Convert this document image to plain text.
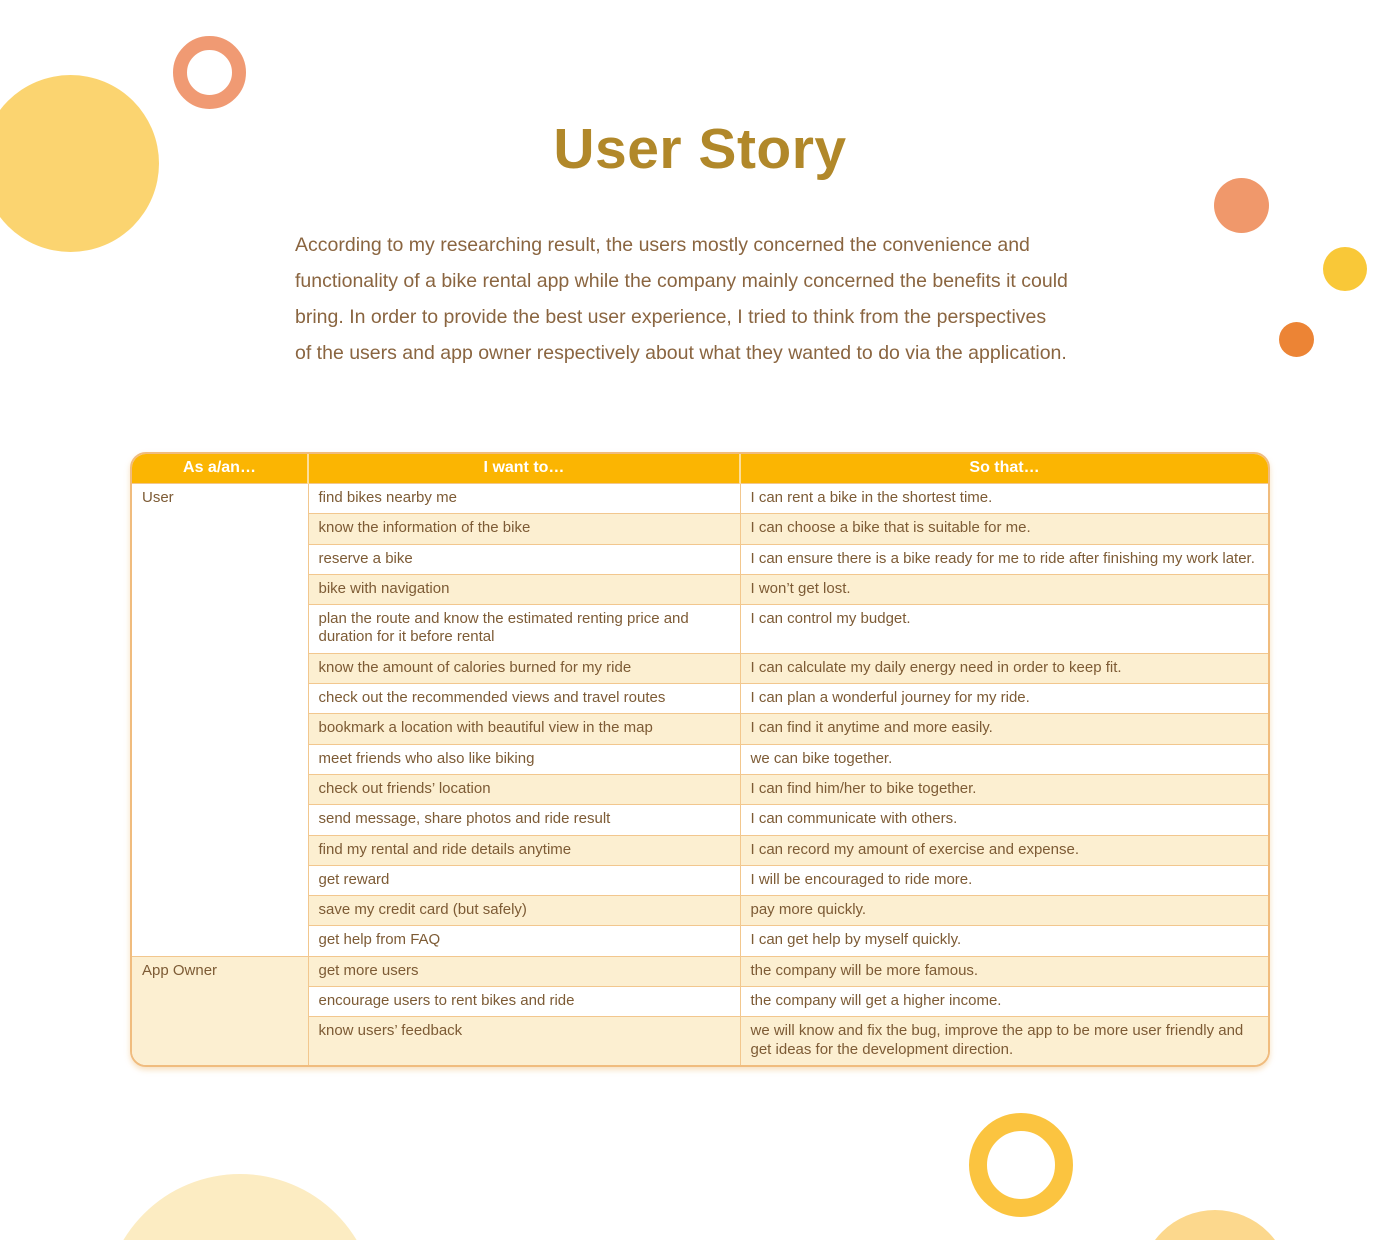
User Story
According to my researching result, the users mostly concerned the convenience and
functionality of a bike rental app while the company mainly concerned the benefits it could
bring. In order to provide the best user experience, I tried to think from the perspectives
of the users and app owner respectively about what they wanted to do via the application.
As a/an…	I want to…	So that…
User	find bikes nearby me	I can rent a bike in the shortest time.
	know the information of the bike	I can choose a bike that is suitable for me.
	reserve a bike	I can ensure there is a bike ready for me to ride after finishing my work later.
	bike with navigation	I won’t get lost.
	plan the route and know the estimated renting price and duration for it before rental	I can control my budget.
	know the amount of calories burned for my ride	I can calculate my daily energy need in order to keep fit.
	check out the recommended views and travel routes	I can plan a wonderful journey for my ride.
	bookmark a location with beautiful view in the map	I can find it anytime and more easily.
	meet friends who also like biking	we can bike together.
	check out friends’ location	I can find him/her to bike together.
	send message, share photos and ride result	I can communicate with others.
	find my rental and ride details anytime	I can record my amount of exercise and expense.
	get reward	I will be encouraged to ride more.
	save my credit card (but safely)	pay more quickly.
	get help from FAQ	I can get help by myself quickly.
App Owner	get more users	the company will be more famous.
	encourage users to rent bikes and ride	the company will get a higher income.
	know users’ feedback	we will know and fix the bug, improve the app to be more user friendly and get ideas for the development direction.
